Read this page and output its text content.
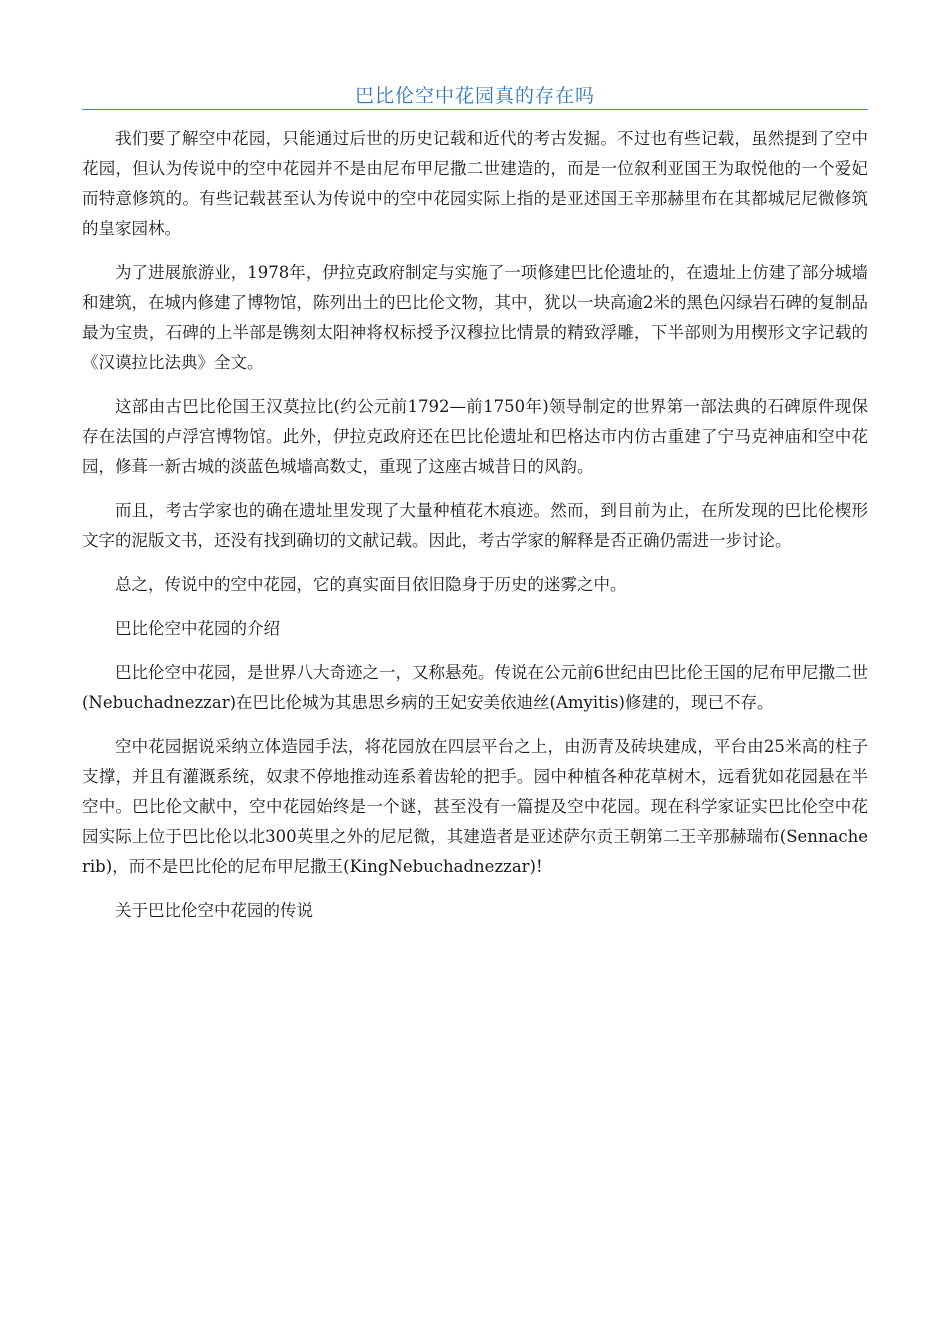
巴比伦空中花园真的存在吗

我们要了解空中花园，只能通过后世的历史记载和近代的考古发掘。不过也有些记载，虽然提到了空中花园，但认为传说中的空中花园并不是由尼布甲尼撒二世建造的，而是一位叙利亚国王为取悦他的一个爱妃而特意修筑的。有些记载甚至认为传说中的空中花园实际上指的是亚述国王辛那赫里布在其都城尼尼微修筑的皇家园林。

为了进展旅游业，1978年，伊拉克政府制定与实施了一项修建巴比伦遗址的，在遗址上仿建了部分城墙和建筑，在城内修建了博物馆，陈列出土的巴比伦文物，其中，犹以一块高逾2米的黑色闪绿岩石碑的复制品最为宝贵，石碑的上半部是镌刻太阳神将权标授予汉穆拉比情景的精致浮雕，下半部则为用楔形文字记载的《汉谟拉比法典》全文。

这部由古巴比伦国王汉莫拉比(约公元前1792—前1750年)领导制定的世界第一部法典的石碑原件现保存在法国的卢浮宫博物馆。此外，伊拉克政府还在巴比伦遗址和巴格达市内仿古重建了宁马克神庙和空中花园，修葺一新古城的淡蓝色城墙高数丈，重现了这座古城昔日的风韵。

而且，考古学家也的确在遗址里发现了大量种植花木痕迹。然而，到目前为止，在所发现的巴比伦楔形文字的泥版文书，还没有找到确切的文献记载。因此，考古学家的解释是否正确仍需进一步讨论。

总之，传说中的空中花园，它的真实面目依旧隐身于历史的迷雾之中。

巴比伦空中花园的介绍

巴比伦空中花园，是世界八大奇迹之一，又称悬苑。传说在公元前6世纪由巴比伦王国的尼布甲尼撒二世(Nebuchadnezzar)在巴比伦城为其患思乡病的王妃安美依迪丝(Amyitis)修建的，现已不存。

空中花园据说采纳立体造园手法，将花园放在四层平台之上，由沥青及砖块建成，平台由25米高的柱子支撑，并且有灌溉系统，奴隶不停地推动连系着齿轮的把手。园中种植各种花草树木，远看犹如花园悬在半空中。巴比伦文献中，空中花园始终是一个谜，甚至没有一篇提及空中花园。现在科学家证实巴比伦空中花园实际上位于巴比伦以北300英里之外的尼尼微，其建造者是亚述萨尔贡王朝第二王辛那赫瑞布(Sennacherib)，而不是巴比伦的尼布甲尼撒王(KingNebuchadnezzar)!

关于巴比伦空中花园的传说
